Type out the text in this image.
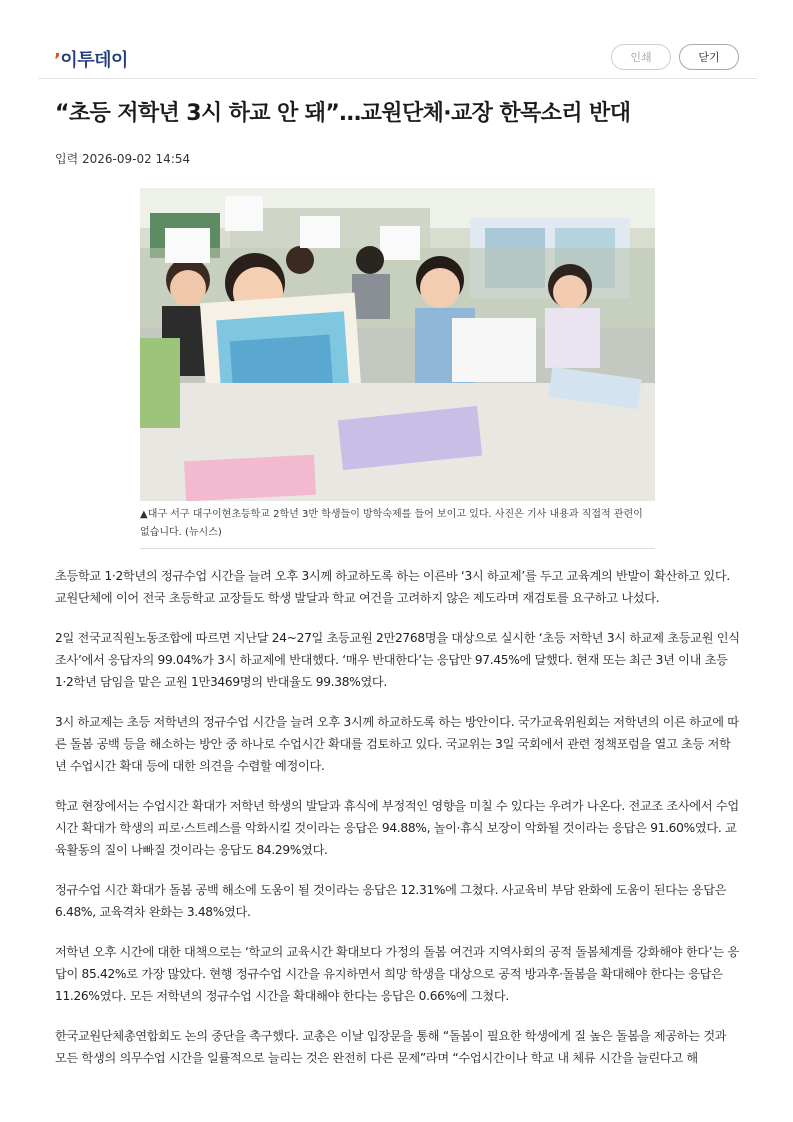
’이투데이	인쇄	닫기
“초등 저학년 3시 하교 안 돼”…교원단체·교장 한목소리 반대
입력 2026-09-02 14:54

▲대구 서구 대구이현초등학교 2학년 3반 학생들이 방학숙제를 들어 보이고 있다. 사진은 기사 내용과 직접적 관련이 없습니다. (뉴시스)

초등학교 1·2학년의 정규수업 시간을 늘려 오후 3시께 하교하도록 하는 이른바 ‘3시 하교제’를 두고 교육계의 반발이 확산하고 있다. 교원단체에 이어 전국 초등학교 교장들도 학생 발달과 학교 여건을 고려하지 않은 제도라며 재검토를 요구하고 나섰다.

2일 전국교직원노동조합에 따르면 지난달 24~27일 초등교원 2만2768명을 대상으로 실시한 ‘초등 저학년 3시 하교제 초등교원 인식조사’에서 응답자의 99.04%가 3시 하교제에 반대했다. ‘매우 반대한다’는 응답만 97.45%에 달했다. 현재 또는 최근 3년 이내 초등 1·2학년 담임을 맡은 교원 1만3469명의 반대율도 99.38%였다.

3시 하교제는 초등 저학년의 정규수업 시간을 늘려 오후 3시께 하교하도록 하는 방안이다. 국가교육위원회는 저학년의 이른 하교에 따른 돌봄 공백 등을 해소하는 방안 중 하나로 수업시간 확대를 검토하고 있다. 국교위는 3일 국회에서 관련 정책포럼을 열고 초등 저학년 수업시간 확대 등에 대한 의견을 수렴할 예정이다.

학교 현장에서는 수업시간 확대가 저학년 학생의 발달과 휴식에 부정적인 영향을 미칠 수 있다는 우려가 나온다. 전교조 조사에서 수업시간 확대가 학생의 피로·스트레스를 악화시킬 것이라는 응답은 94.88%, 놀이·휴식 보장이 악화될 것이라는 응답은 91.60%였다. 교육활동의 질이 나빠질 것이라는 응답도 84.29%였다.

정규수업 시간 확대가 돌봄 공백 해소에 도움이 될 것이라는 응답은 12.31%에 그쳤다. 사교육비 부담 완화에 도움이 된다는 응답은 6.48%, 교육격차 완화는 3.48%였다.

저학년 오후 시간에 대한 대책으로는 ‘학교의 교육시간 확대보다 가정의 돌봄 여건과 지역사회의 공적 돌봄체계를 강화해야 한다’는 응답이 85.42%로 가장 많았다. 현행 정규수업 시간을 유지하면서 희망 학생을 대상으로 공적 방과후·돌봄을 확대해야 한다는 응답은 11.26%였다. 모든 저학년의 정규수업 시간을 확대해야 한다는 응답은 0.66%에 그쳤다.

한국교원단체총연합회도 논의 중단을 촉구했다. 교총은 이날 입장문을 통해 “돌봄이 필요한 학생에게 질 높은 돌봄을 제공하는 것과 모든 학생의 의무수업 시간을 일률적으로 늘리는 것은 완전히 다른 문제”라며 “수업시간이나 학교 내 체류 시간을 늘린다고 해
